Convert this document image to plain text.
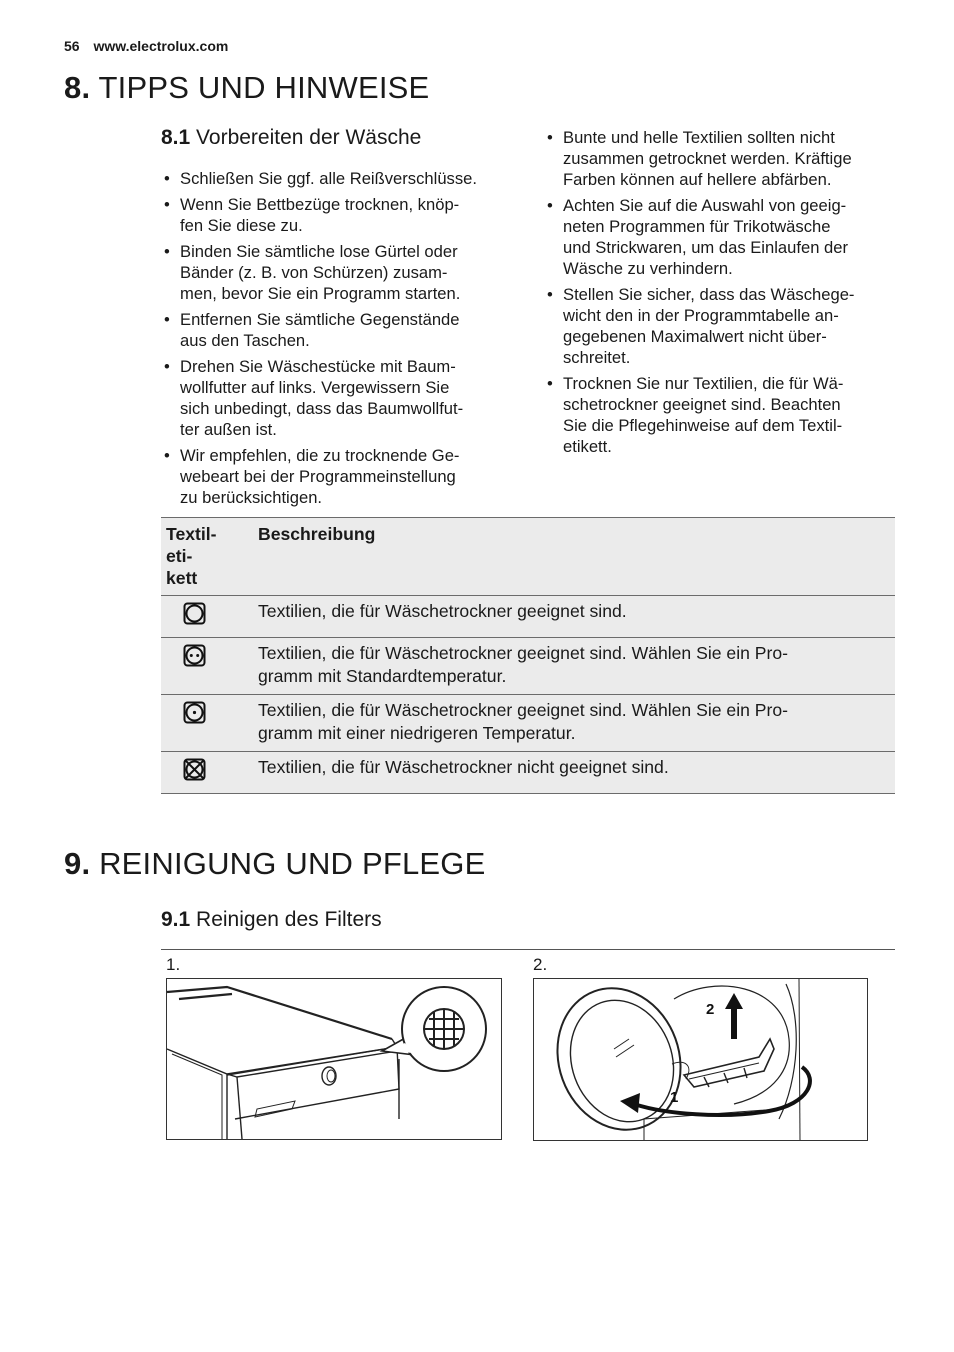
56 www.electrolux.com
8. TIPPS UND HINWEISE
8.1 Vorbereiten der Wäsche
• Schließen Sie ggf. alle Reißverschlüsse.
• Wenn Sie Bettbezüge trocknen, knöp-
fen Sie diese zu.
• Binden Sie sämtliche lose Gürtel oder
Bänder (z. B. von Schürzen) zusam-
men, bevor Sie ein Programm starten.
• Entfernen Sie sämtliche Gegenstände
aus den Taschen.
• Drehen Sie Wäschestücke mit Baum-
wollfutter auf links. Vergewissern Sie
sich unbedingt, dass das Baumwollfut-
ter außen ist.
• Wir empfehlen, die zu trocknende Ge-
webeart bei der Programmeinstellung
zu berücksichtigen.
• Bunte und helle Textilien sollten nicht
zusammen getrocknet werden. Kräftige
Farben können auf hellere abfärben.
• Achten Sie auf die Auswahl von geeig-
neten Programmen für Trikotwäsche
und Strickwaren, um das Einlaufen der
Wäsche zu verhindern.
• Stellen Sie sicher, dass das Wäschege-
wicht den in der Programmtabelle an-
gegebenen Maximalwert nicht über-
schreitet.
• Trocknen Sie nur Textilien, die für Wä-
schetrockner geeignet sind. Beachten
Sie die Pflegehinweise auf dem Textil-
etikett.
Textil-
eti-
kett	Beschreibung
	Textilien, die für Wäschetrockner geeignet sind.
	Textilien, die für Wäschetrockner geeignet sind. Wählen Sie ein Pro-
gramm mit Standardtemperatur.
	Textilien, die für Wäschetrockner geeignet sind. Wählen Sie ein Pro-
gramm mit einer niedrigeren Temperatur.
	Textilien, die für Wäschetrockner nicht geeignet sind.
9. REINIGUNG UND PFLEGE
9.1 Reinigen des Filters
1.	2.
2
1
